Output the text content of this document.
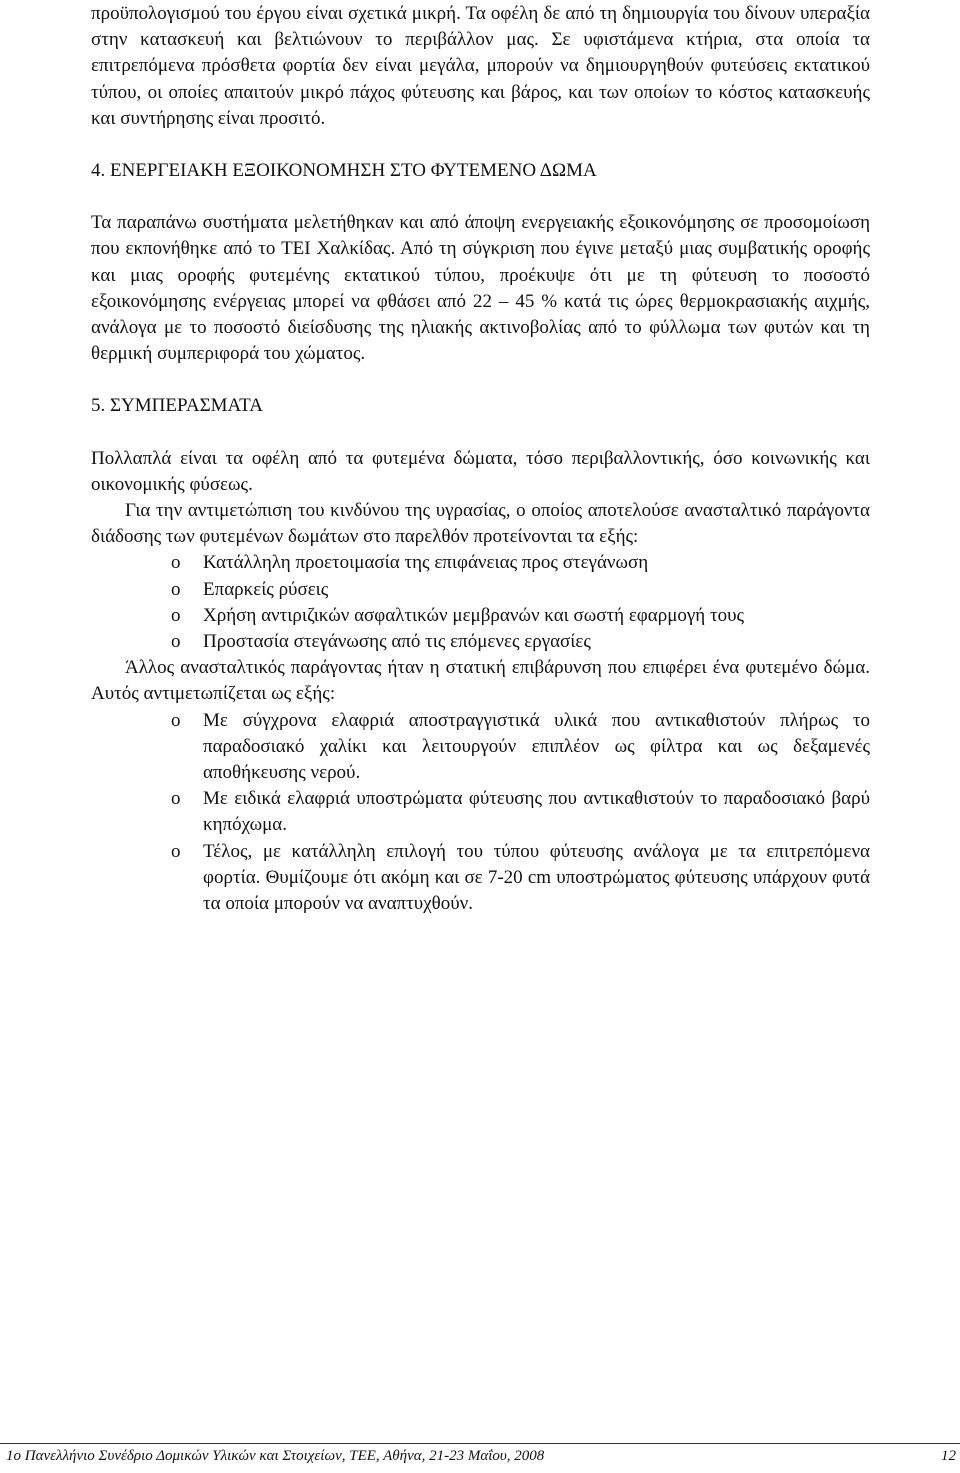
προϋπολογισμού του έργου είναι σχετικά μικρή. Τα οφέλη δε από τη δημιουργία του δίνουν υπεραξία στην κατασκευή και βελτιώνουν το περιβάλλον μας. Σε υφιστάμενα κτήρια, στα οποία τα επιτρεπόμενα πρόσθετα φορτία δεν είναι μεγάλα, μπορούν να δημιουργηθούν φυτεύσεις εκτατικού τύπου, οι οποίες απαιτούν μικρό πάχος φύτευσης και βάρος, και των οποίων το κόστος κατασκευής και συντήρησης είναι προσιτό.

4. ΕΝΕΡΓΕΙΑΚΗ ΕΞΟΙΚΟΝΟΜΗΣΗ ΣΤΟ ΦΥΤΕΜΕΝΟ ΔΩΜΑ

Τα παραπάνω συστήματα μελετήθηκαν και από άποψη ενεργειακής εξοικονόμησης σε προσομοίωση που εκπονήθηκε από το ΤΕΙ Χαλκίδας. Από τη σύγκριση που έγινε μεταξύ μιας συμβατικής οροφής και μιας οροφής φυτεμένης εκτατικού τύπου, προέκυψε ότι με τη φύτευση το ποσοστό εξοικονόμησης ενέργειας μπορεί να φθάσει από 22 – 45 % κατά τις ώρες θερμοκρασιακής αιχμής, ανάλογα με το ποσοστό διείσδυσης της ηλιακής ακτινοβολίας από το φύλλωμα των φυτών και τη θερμική συμπεριφορά του χώματος.

5. ΣΥΜΠΕΡΑΣΜΑΤΑ

Πολλαπλά είναι τα οφέλη από τα φυτεμένα δώματα, τόσο περιβαλλοντικής, όσο κοινωνικής και οικονομικής φύσεως.

Για την αντιμετώπιση του κινδύνου της υγρασίας, ο οποίος αποτελούσε ανασταλτικό παράγοντα διάδοσης των φυτεμένων δωμάτων στο παρελθόν προτείνονται τα εξής:

o	Κατάλληλη προετοιμασία της επιφάνειας προς στεγάνωση
o	Επαρκείς ρύσεις
o	Χρήση αντιριζικών ασφαλτικών μεμβρανών και σωστή εφαρμογή τους
o	Προστασία στεγάνωσης από τις επόμενες εργασίες

Άλλος ανασταλτικός παράγοντας ήταν η στατική επιβάρυνση που επιφέρει ένα φυτεμένο δώμα. Αυτός αντιμετωπίζεται ως εξής:

o	Με σύγχρονα ελαφριά αποστραγγιστικά υλικά που αντικαθιστούν πλήρως το παραδοσιακό χαλίκι και λειτουργούν επιπλέον ως φίλτρα και ως δεξαμενές αποθήκευσης νερού.
o	Με ειδικά ελαφριά υποστρώματα φύτευσης που αντικαθιστούν το παραδοσιακό βαρύ κηπόχωμα.
o	Τέλος, με κατάλληλη επιλογή του τύπου φύτευσης ανάλογα με τα επιτρεπόμενα φορτία. Θυμίζουμε ότι ακόμη και σε 7-20 cm υποστρώματος φύτευσης υπάρχουν φυτά τα οποία μπορούν να αναπτυχθούν.
1ο Πανελλήνιο Συνέδριο Δομικών Υλικών και Στοιχείων, ΤΕΕ, Αθήνα, 21-23 Μαΐου, 2008	12
